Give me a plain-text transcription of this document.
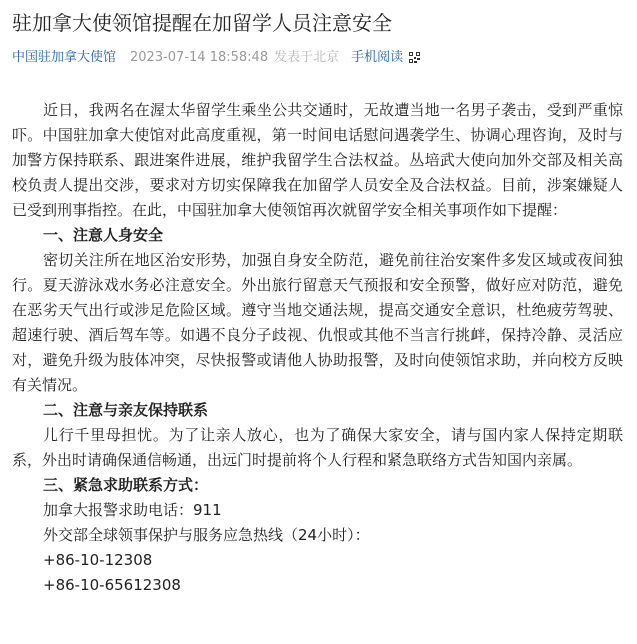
驻加拿大使领馆提醒在加留学人员注意安全
中国驻加拿大使馆 2023-07-14 18:58:48 发表于北京 手机阅读

近日，我两名在渥太华留学生乘坐公共交通时，无故遭当地一名男子袭击，受到严重惊吓。中国驻加拿大使馆对此高度重视，第一时间电话慰问遇袭学生、协调心理咨询，及时与加警方保持联系、跟进案件进展，维护我留学生合法权益。丛培武大使向加外交部及相关高校负责人提出交涉，要求对方切实保障我在加留学人员安全及合法权益。目前，涉案嫌疑人已受到刑事指控。在此，中国驻加拿大使领馆再次就留学安全相关事项作如下提醒：

一、注意人身安全

密切关注所在地区治安形势，加强自身安全防范，避免前往治安案件多发区域或夜间独行。夏天游泳戏水务必注意安全。外出旅行留意天气预报和安全预警，做好应对防范，避免在恶劣天气出行或涉足危险区域。遵守当地交通法规，提高交通安全意识，杜绝疲劳驾驶、超速行驶、酒后驾车等。如遇不良分子歧视、仇恨或其他不当言行挑衅，保持冷静、灵活应对，避免升级为肢体冲突，尽快报警或请他人协助报警，及时向使领馆求助，并向校方反映有关情况。

二、注意与亲友保持联系

儿行千里母担忧。为了让亲人放心，也为了确保大家安全，请与国内家人保持定期联系，外出时请确保通信畅通，出远门时提前将个人行程和紧急联络方式告知国内亲属。

三、紧急求助联系方式：

加拿大报警求助电话：911

外交部全球领事保护与服务应急热线（24小时）：

+86-10-12308

+86-10-65612308
